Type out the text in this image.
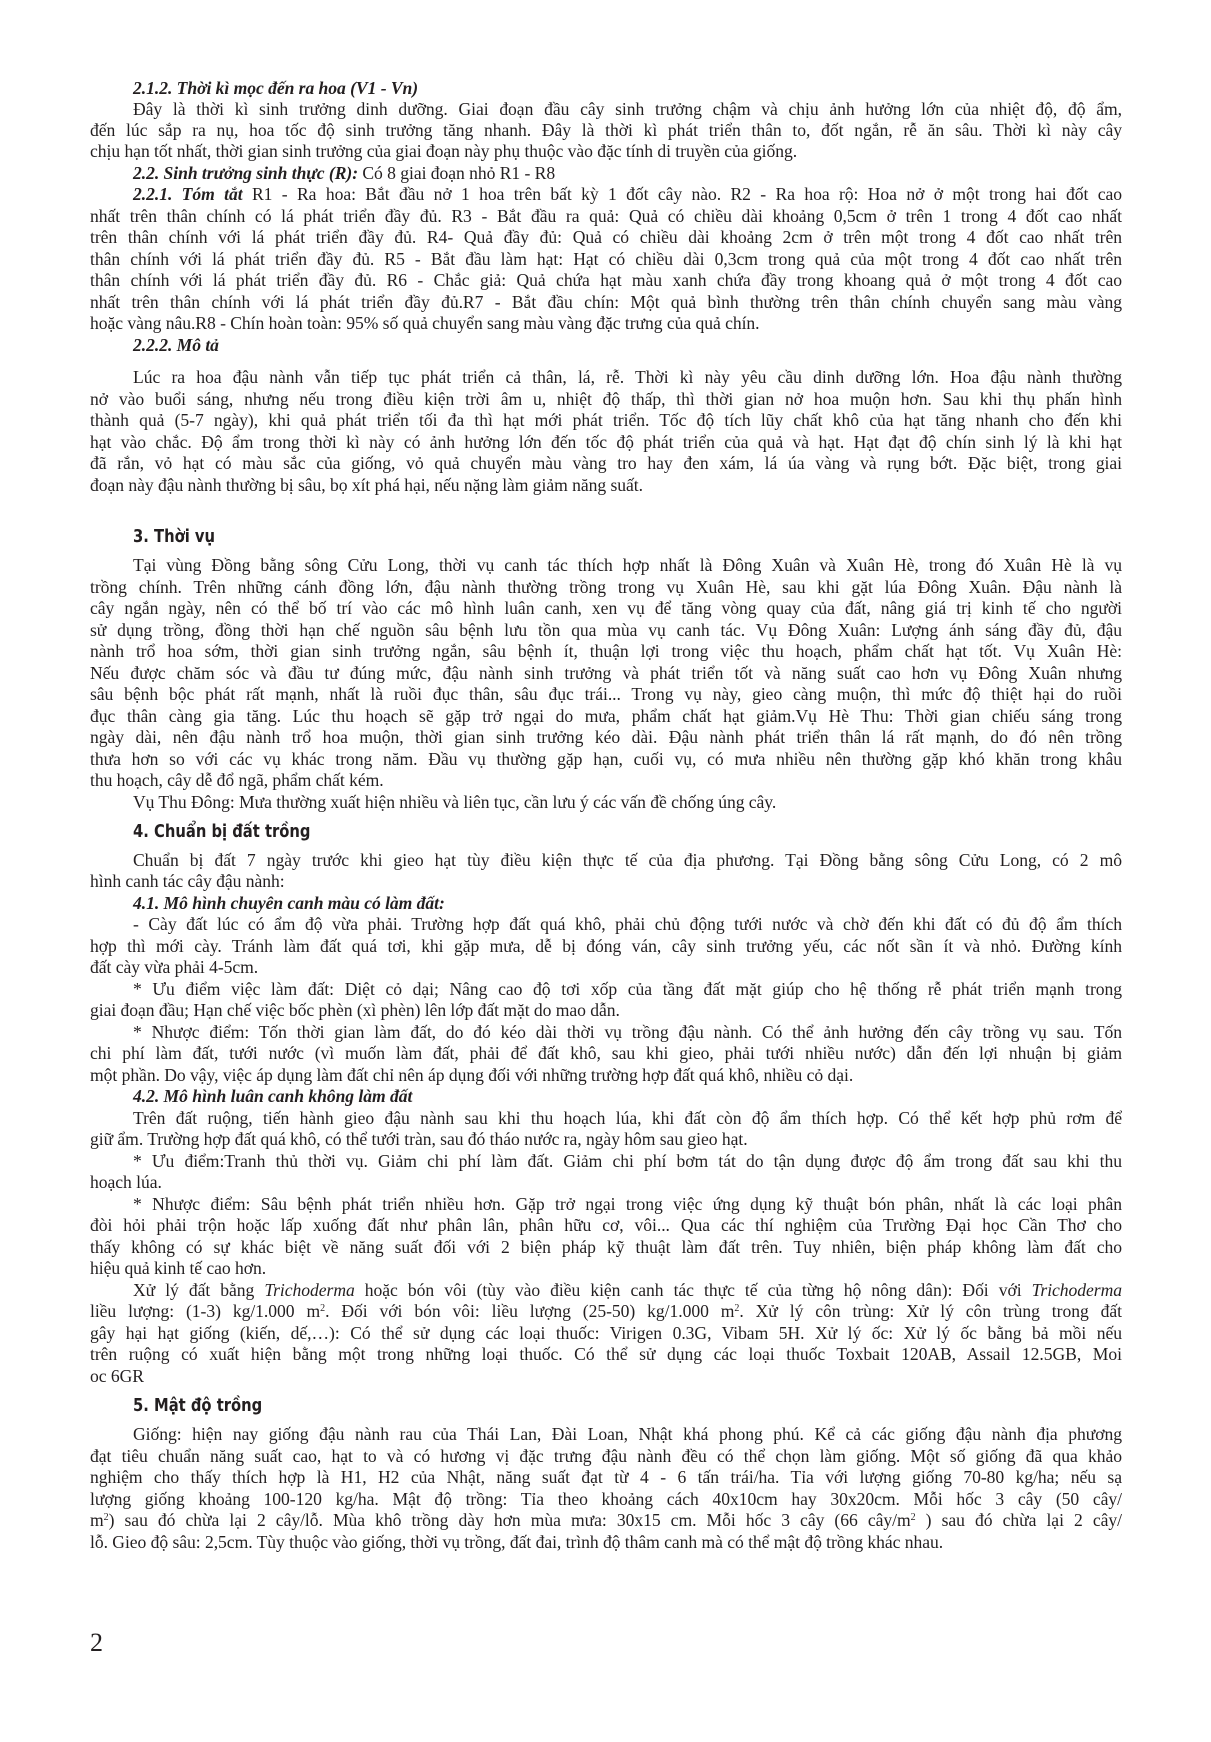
2.1.2. Thời kì mọc đến ra hoa (V1 - Vn)
Đây là thời kì sinh trưởng dinh dưỡng. Giai đoạn đầu cây sinh trưởng chậm và chịu ảnh hưởng lớn của nhiệt độ, độ ẩm,
đến lúc sắp ra nụ, hoa tốc độ sinh trưởng tăng nhanh. Đây là thời kì phát triển thân to, đốt ngắn, rễ ăn sâu. Thời kì này cây
chịu hạn tốt nhất, thời gian sinh trưởng của giai đoạn này phụ thuộc vào đặc tính di truyền của giống.
2.2. Sinh trưởng sinh thực (R): Có 8 giai đoạn nhỏ R1 - R8
2.2.1. Tóm tắt R1 - Ra hoa: Bắt đầu nở 1 hoa trên bất kỳ 1 đốt cây nào. R2 - Ra hoa rộ: Hoa nở ở một trong hai đốt cao
nhất trên thân chính có lá phát triển đầy đủ. R3 - Bắt đầu ra quả: Quả có chiều dài khoảng 0,5cm ở trên 1 trong 4 đốt cao nhất
trên thân chính với lá phát triển đầy đủ. R4- Quả đầy đủ: Quả có chiều dài khoảng 2cm ở trên một trong 4 đốt cao nhất trên
thân chính với lá phát triển đầy đủ. R5 - Bắt đầu làm hạt: Hạt có chiều dài 0,3cm trong quả của một trong 4 đốt cao nhất trên
thân chính với lá phát triển đầy đủ. R6 - Chắc giả: Quả chứa hạt màu xanh chứa đầy trong khoang quả ở một trong 4 đốt cao
nhất trên thân chính với lá phát triển đầy đủ.R7 - Bắt đầu chín: Một quả bình thường trên thân chính chuyển sang màu vàng
hoặc vàng nâu.R8 - Chín hoàn toàn: 95% số quả chuyển sang màu vàng đặc trưng của quả chín.
2.2.2. Mô tả
Lúc ra hoa đậu nành vẫn tiếp tục phát triển cả thân, lá, rễ. Thời kì này yêu cầu dinh dưỡng lớn. Hoa đậu nành thường
nở vào buổi sáng, nhưng nếu trong điều kiện trời âm u, nhiệt độ thấp, thì thời gian nở hoa muộn hơn. Sau khi thụ phấn hình
thành quả (5-7 ngày), khi quả phát triển tối đa thì hạt mới phát triển. Tốc độ tích lũy chất khô của hạt tăng nhanh cho đến khi
hạt vào chắc. Độ ẩm trong thời kì này có ảnh hưởng lớn đến tốc độ phát triển của quả và hạt. Hạt đạt độ chín sinh lý là khi hạt
đã rắn, vỏ hạt có màu sắc của giống, vỏ quả chuyển màu vàng tro hay đen xám, lá úa vàng và rụng bớt. Đặc biệt, trong giai
đoạn này đậu nành thường bị sâu, bọ xít phá hại, nếu nặng làm giảm năng suất.
3. Thời vụ
Tại vùng Đồng bằng sông Cửu Long, thời vụ canh tác thích hợp nhất là Đông Xuân và Xuân Hè, trong đó Xuân Hè là vụ
trồng chính. Trên những cánh đồng lớn, đậu nành thường trồng trong vụ Xuân Hè, sau khi gặt lúa Đông Xuân. Đậu nành là
cây ngắn ngày, nên có thể bố trí vào các mô hình luân canh, xen vụ để tăng vòng quay của đất, nâng giá trị kinh tế cho người
sử dụng trồng, đồng thời hạn chế nguồn sâu bệnh lưu tồn qua mùa vụ canh tác. Vụ Đông Xuân: Lượng ánh sáng đầy đủ, đậu
nành trổ hoa sớm, thời gian sinh trưởng ngắn, sâu bệnh ít, thuận lợi trong việc thu hoạch, phẩm chất hạt tốt. Vụ Xuân Hè:
Nếu được chăm sóc và đầu tư đúng mức, đậu nành sinh trưởng và phát triển tốt và năng suất cao hơn vụ Đông Xuân nhưng
sâu bệnh bộc phát rất mạnh, nhất là ruồi đục thân, sâu đục trái... Trong vụ này, gieo càng muộn, thì mức độ thiệt hại do ruồi
đục thân càng gia tăng. Lúc thu hoạch sẽ gặp trở ngại do mưa, phẩm chất hạt giảm.Vụ Hè Thu: Thời gian chiếu sáng trong
ngày dài, nên đậu nành trổ hoa muộn, thời gian sinh trưởng kéo dài. Đậu nành phát triển thân lá rất mạnh, do đó nên trồng
thưa hơn so với các vụ khác trong năm. Đầu vụ thường gặp hạn, cuối vụ, có mưa nhiều nên thường gặp khó khăn trong khâu
thu hoạch, cây dễ đổ ngã, phẩm chất kém.
Vụ Thu Đông: Mưa thường xuất hiện nhiều và liên tục, cần lưu ý các vấn đề chống úng cây.
4. Chuẩn bị đất trồng
Chuẩn bị đất 7 ngày trước khi gieo hạt tùy điều kiện thực tế của địa phương. Tại Đồng bằng sông Cửu Long, có 2 mô
hình canh tác cây đậu nành:
4.1. Mô hình chuyên canh màu có làm đất:
- Cày đất lúc có ẩm độ vừa phải. Trường hợp đất quá khô, phải chủ động tưới nước và chờ đến khi đất có đủ độ ẩm thích
hợp thì mới cày. Tránh làm đất quá tơi, khi gặp mưa, dễ bị đóng ván, cây sinh trưởng yếu, các nốt sần ít và nhỏ. Đường kính
đất cày vừa phải 4-5cm.
* Ưu điểm việc làm đất: Diệt cỏ dại; Nâng cao độ tơi xốp của tầng đất mặt giúp cho hệ thống rễ phát triển mạnh trong
giai đoạn đầu; Hạn chế việc bốc phèn (xì phèn) lên lớp đất mặt do mao dẫn.
* Nhược điểm: Tốn thời gian làm đất, do đó kéo dài thời vụ trồng đậu nành. Có thể ảnh hưởng đến cây trồng vụ sau. Tốn
chi phí làm đất, tưới nước (vì muốn làm đất, phải để đất khô, sau khi gieo, phải tưới nhiều nước) dẫn đến lợi nhuận bị giảm
một phần. Do vậy, việc áp dụng làm đất chỉ nên áp dụng đối với những trường hợp đất quá khô, nhiều cỏ dại.
4.2. Mô hình luân canh không làm đất
Trên đất ruộng, tiến hành gieo đậu nành sau khi thu hoạch lúa, khi đất còn độ ẩm thích hợp. Có thể kết hợp phủ rơm để
giữ ẩm. Trường hợp đất quá khô, có thể tưới tràn, sau đó tháo nước ra, ngày hôm sau gieo hạt.
* Ưu điểm:Tranh thủ thời vụ. Giảm chi phí làm đất. Giảm chi phí bơm tát do tận dụng được độ ẩm trong đất sau khi thu
hoạch lúa.
* Nhược điểm: Sâu bệnh phát triển nhiều hơn. Gặp trở ngại trong việc ứng dụng kỹ thuật bón phân, nhất là các loại phân
đòi hỏi phải trộn hoặc lấp xuống đất như phân lân, phân hữu cơ, vôi... Qua các thí nghiệm của Trường Đại học Cần Thơ cho
thấy không có sự khác biệt về năng suất đối với 2 biện pháp kỹ thuật làm đất trên. Tuy nhiên, biện pháp không làm đất cho
hiệu quả kinh tế cao hơn.
Xử lý đất bằng Trichoderma hoặc bón vôi (tùy vào điều kiện canh tác thực tế của từng hộ nông dân): Đối với Trichoderma
liều lượng: (1-3) kg/1.000 $m^2$. Đối với bón vôi: liều lượng (25-50) kg/1.000 $m^2$. Xử lý côn trùng: Xử lý côn trùng trong đất
gây hại hạt giống (kiến, dế,…): Có thể sử dụng các loại thuốc: Virigen 0.3G, Vibam 5H. Xử lý ốc: Xử lý ốc bằng bả mồi nếu
trên ruộng có xuất hiện bằng một trong những loại thuốc. Có thể sử dụng các loại thuốc Toxbait 120AB, Assail 12.5GB, Moi
oc 6GR
5. Mật độ trồng
Giống: hiện nay giống đậu nành rau của Thái Lan, Đài Loan, Nhật khá phong phú. Kể cả các giống đậu nành địa phương
đạt tiêu chuẩn năng suất cao, hạt to và có hương vị đặc trưng đậu nành đều có thể chọn làm giống. Một số giống đã qua khảo
nghiệm cho thấy thích hợp là H1, H2 của Nhật, năng suất đạt từ 4 - 6 tấn trái/ha. Tỉa với lượng giống 70-80 kg/ha; nếu sạ
lượng giống khoảng 100-120 kg/ha. Mật độ trồng: Tỉa theo khoảng cách 40x10cm hay 30x20cm. Mỗi hốc 3 cây (50 cây/
$m^2$) sau đó chừa lại 2 cây/lỗ. Mùa khô trồng dày hơn mùa mưa: 30x15 cm. Mỗi hốc 3 cây (66 cây/$m^2$ ) sau đó chừa lại 2 cây/
lỗ. Gieo độ sâu: 2,5cm. Tùy thuộc vào giống, thời vụ trồng, đất đai, trình độ thâm canh mà có thể mật độ trồng khác nhau.
2
